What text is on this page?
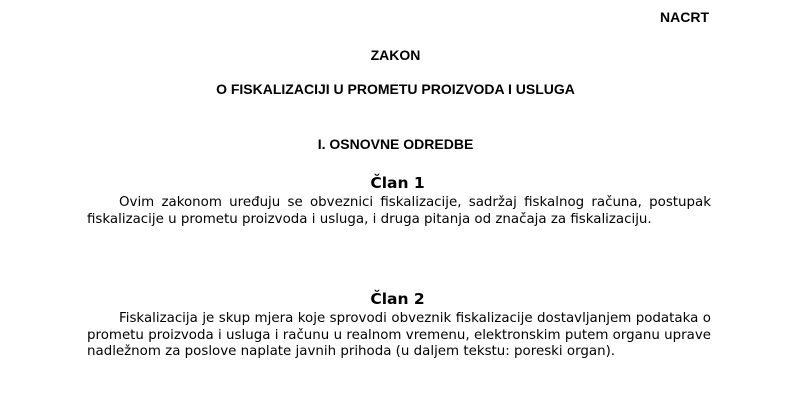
NACRT
ZAKON
O FISKALIZACIJI U PROMETU PROIZVODA I USLUGA
I. OSNOVNE ODREDBE
Član 1

Ovim zakonom uređuju se obveznici fiskalizacije, sadržaj fiskalnog računa, postupak fiskalizacije u prometu proizvoda i usluga, i druga pitanja od značaja za fiskalizaciju.

Član 2

Fiskalizacija je skup mjera koje sprovodi obveznik fiskalizacije dostavljanjem podataka o prometu proizvoda i usluga i računu u realnom vremenu, elektronskim putem organu uprave nadležnom za poslove naplate javnih prihoda (u daljem tekstu: poreski organ).
